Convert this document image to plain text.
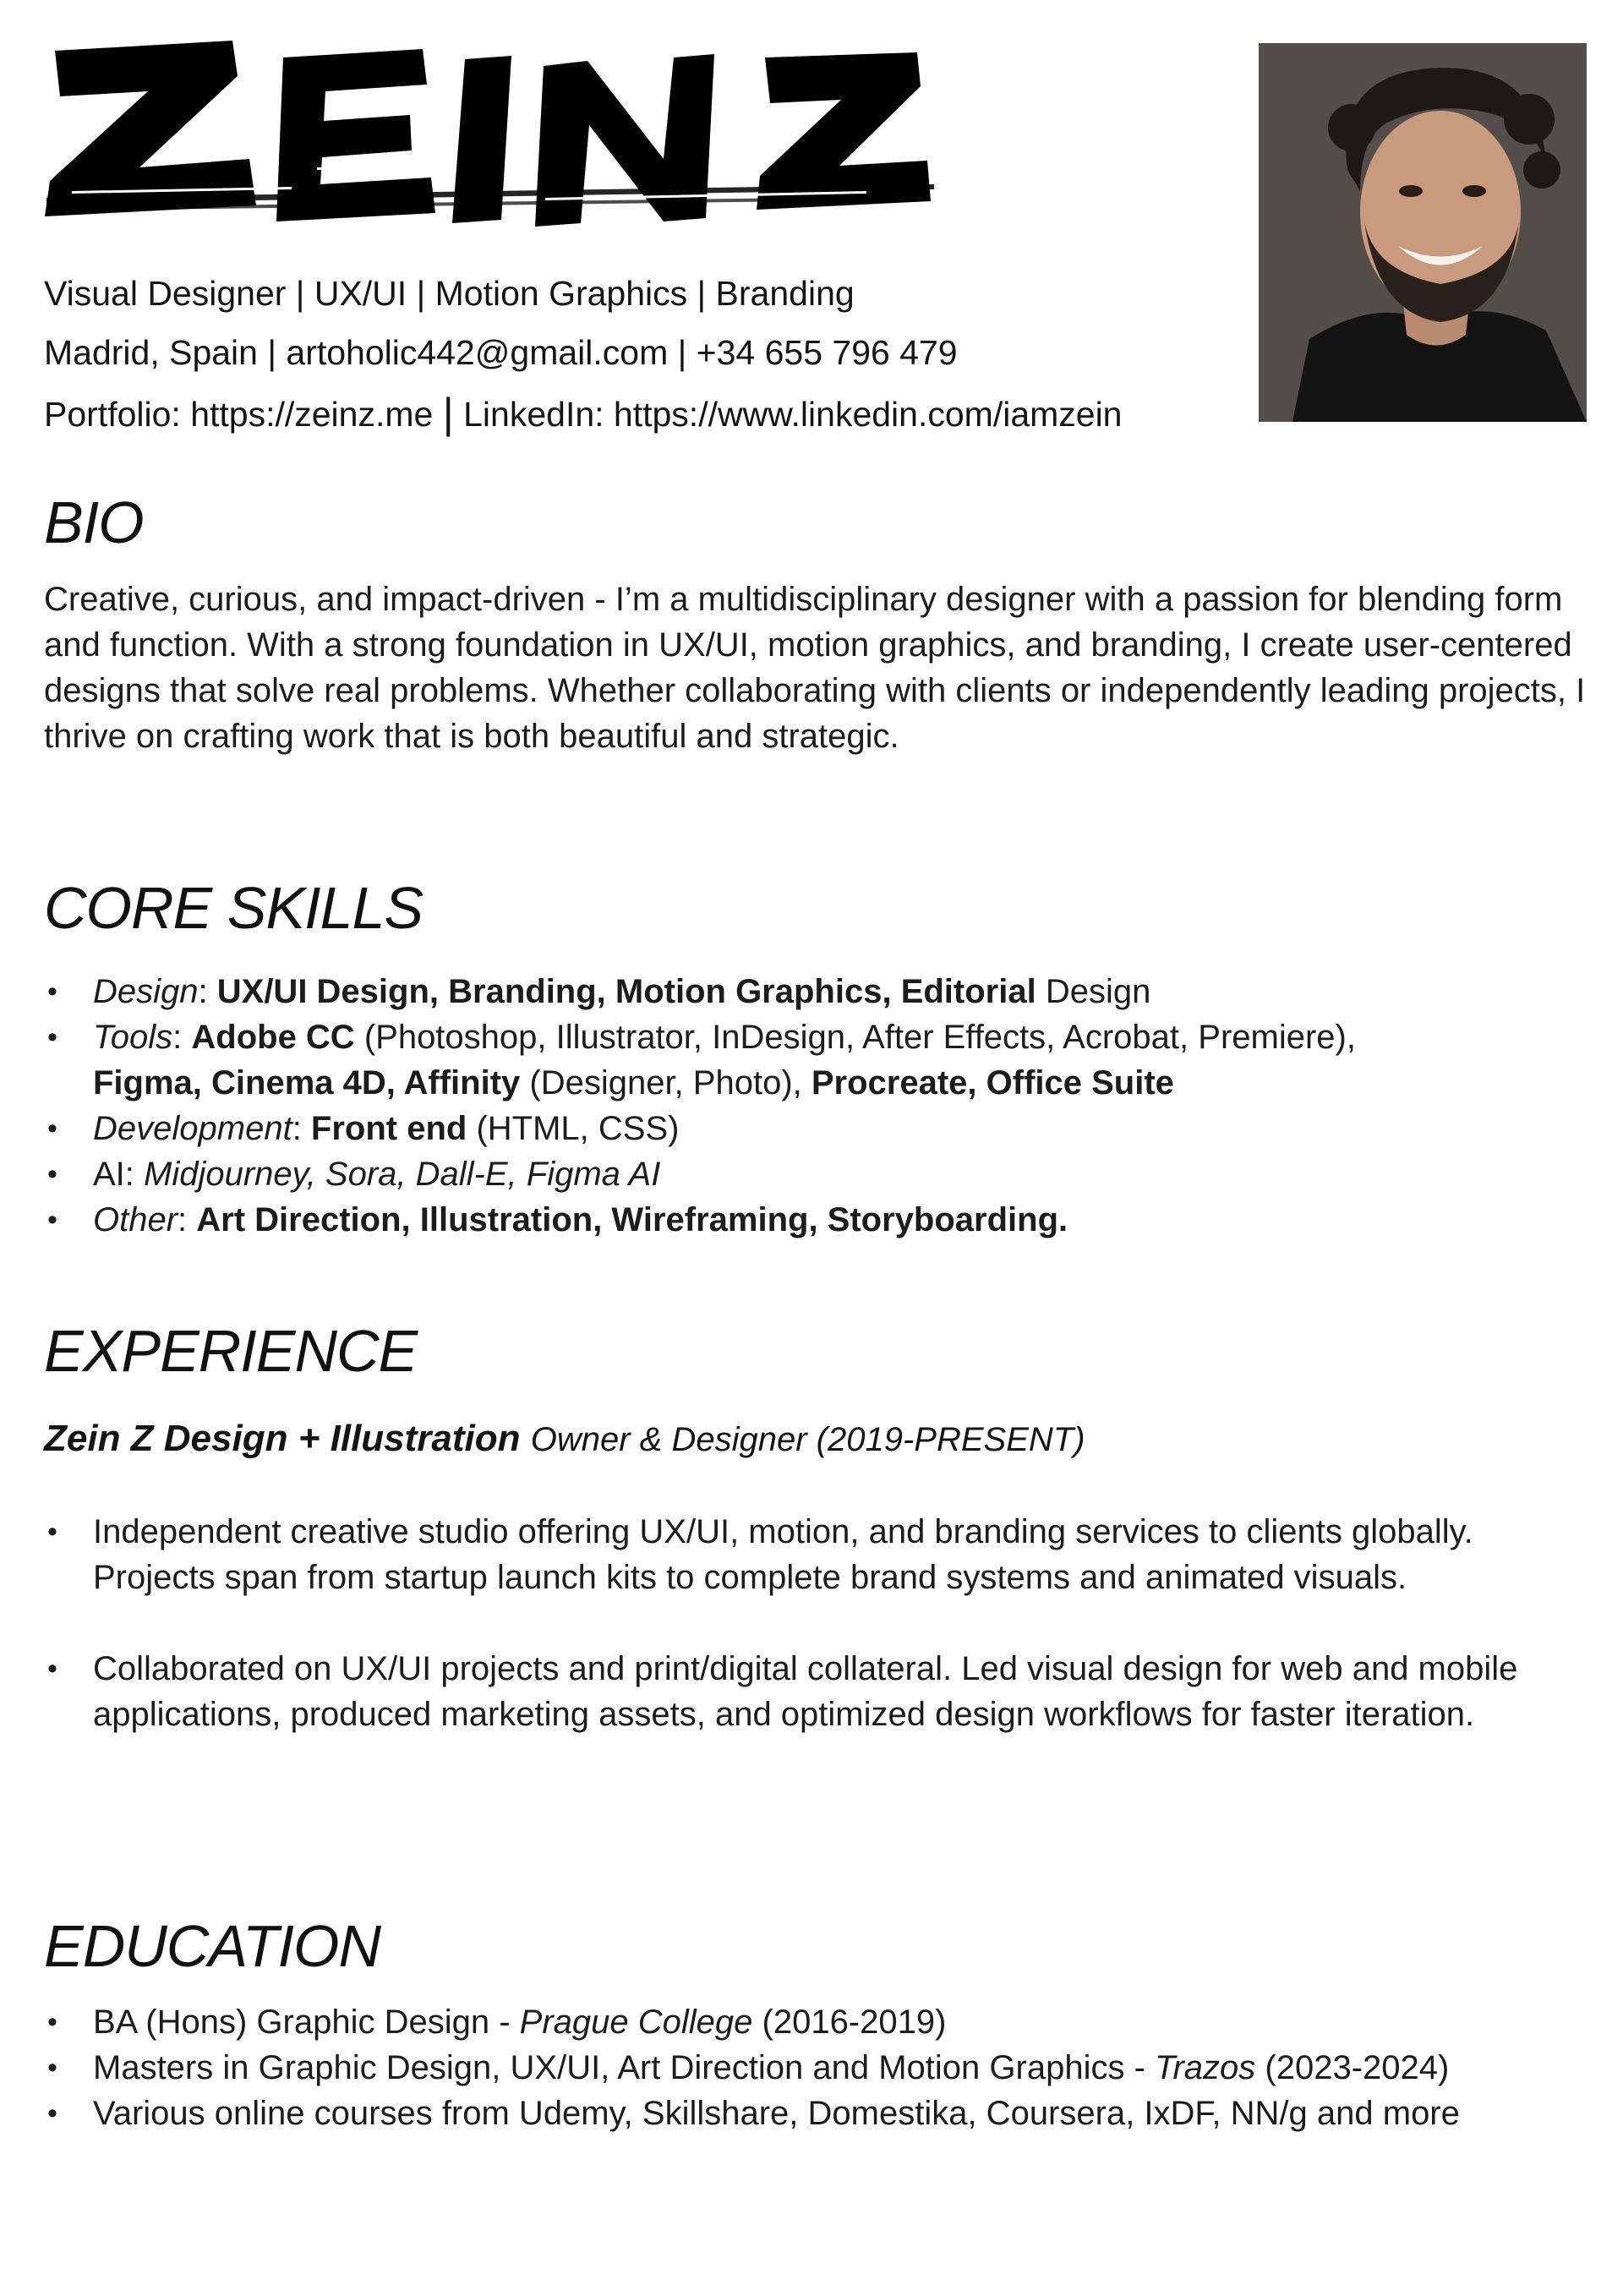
Visual Designer | UX/UI | Motion Graphics | Branding
Madrid, Spain | artoholic442@gmail.com | +34 655 796 479
Portfolio: https://zeinz.me | LinkedIn: https://www.linkedin.com/iamzein
BIO

Creative, curious, and impact-driven - I’m a multidisciplinary designer with a passion for blending form and function. With a strong foundation in UX/UI, motion graphics, and branding, I create user-centered designs that solve real problems. Whether collaborating with clients or independently leading projects, I thrive on crafting work that is both beautiful and strategic.

CORE SKILLS
• Design: UX/UI Design, Branding, Motion Graphics, Editorial Design
• Tools: Adobe CC (Photoshop, Illustrator, InDesign, After Effects, Acrobat, Premiere),
Figma, Cinema 4D, Affinity (Designer, Photo), Procreate, Office Suite
• Development: Front end (HTML, CSS)
• AI: Midjourney, Sora, Dall-E, Figma AI
• Other: Art Direction, Illustration, Wireframing, Storyboarding.
EXPERIENCE
Zein Z Design + Illustration Owner & Designer (2019-PRESENT)
• Independent creative studio offering UX/UI, motion, and branding services to clients globally. Projects span from startup launch kits to complete brand systems and animated visuals.
• Collaborated on UX/UI projects and print/digital collateral. Led visual design for web and mobile applications, produced marketing assets, and optimized design workflows for faster iteration.
EDUCATION
• BA (Hons) Graphic Design - Prague College (2016-2019)
• Masters in Graphic Design, UX/UI, Art Direction and Motion Graphics - Trazos (2023-2024)
• Various online courses from Udemy, Skillshare, Domestika, Coursera, IxDF, NN/g and more
